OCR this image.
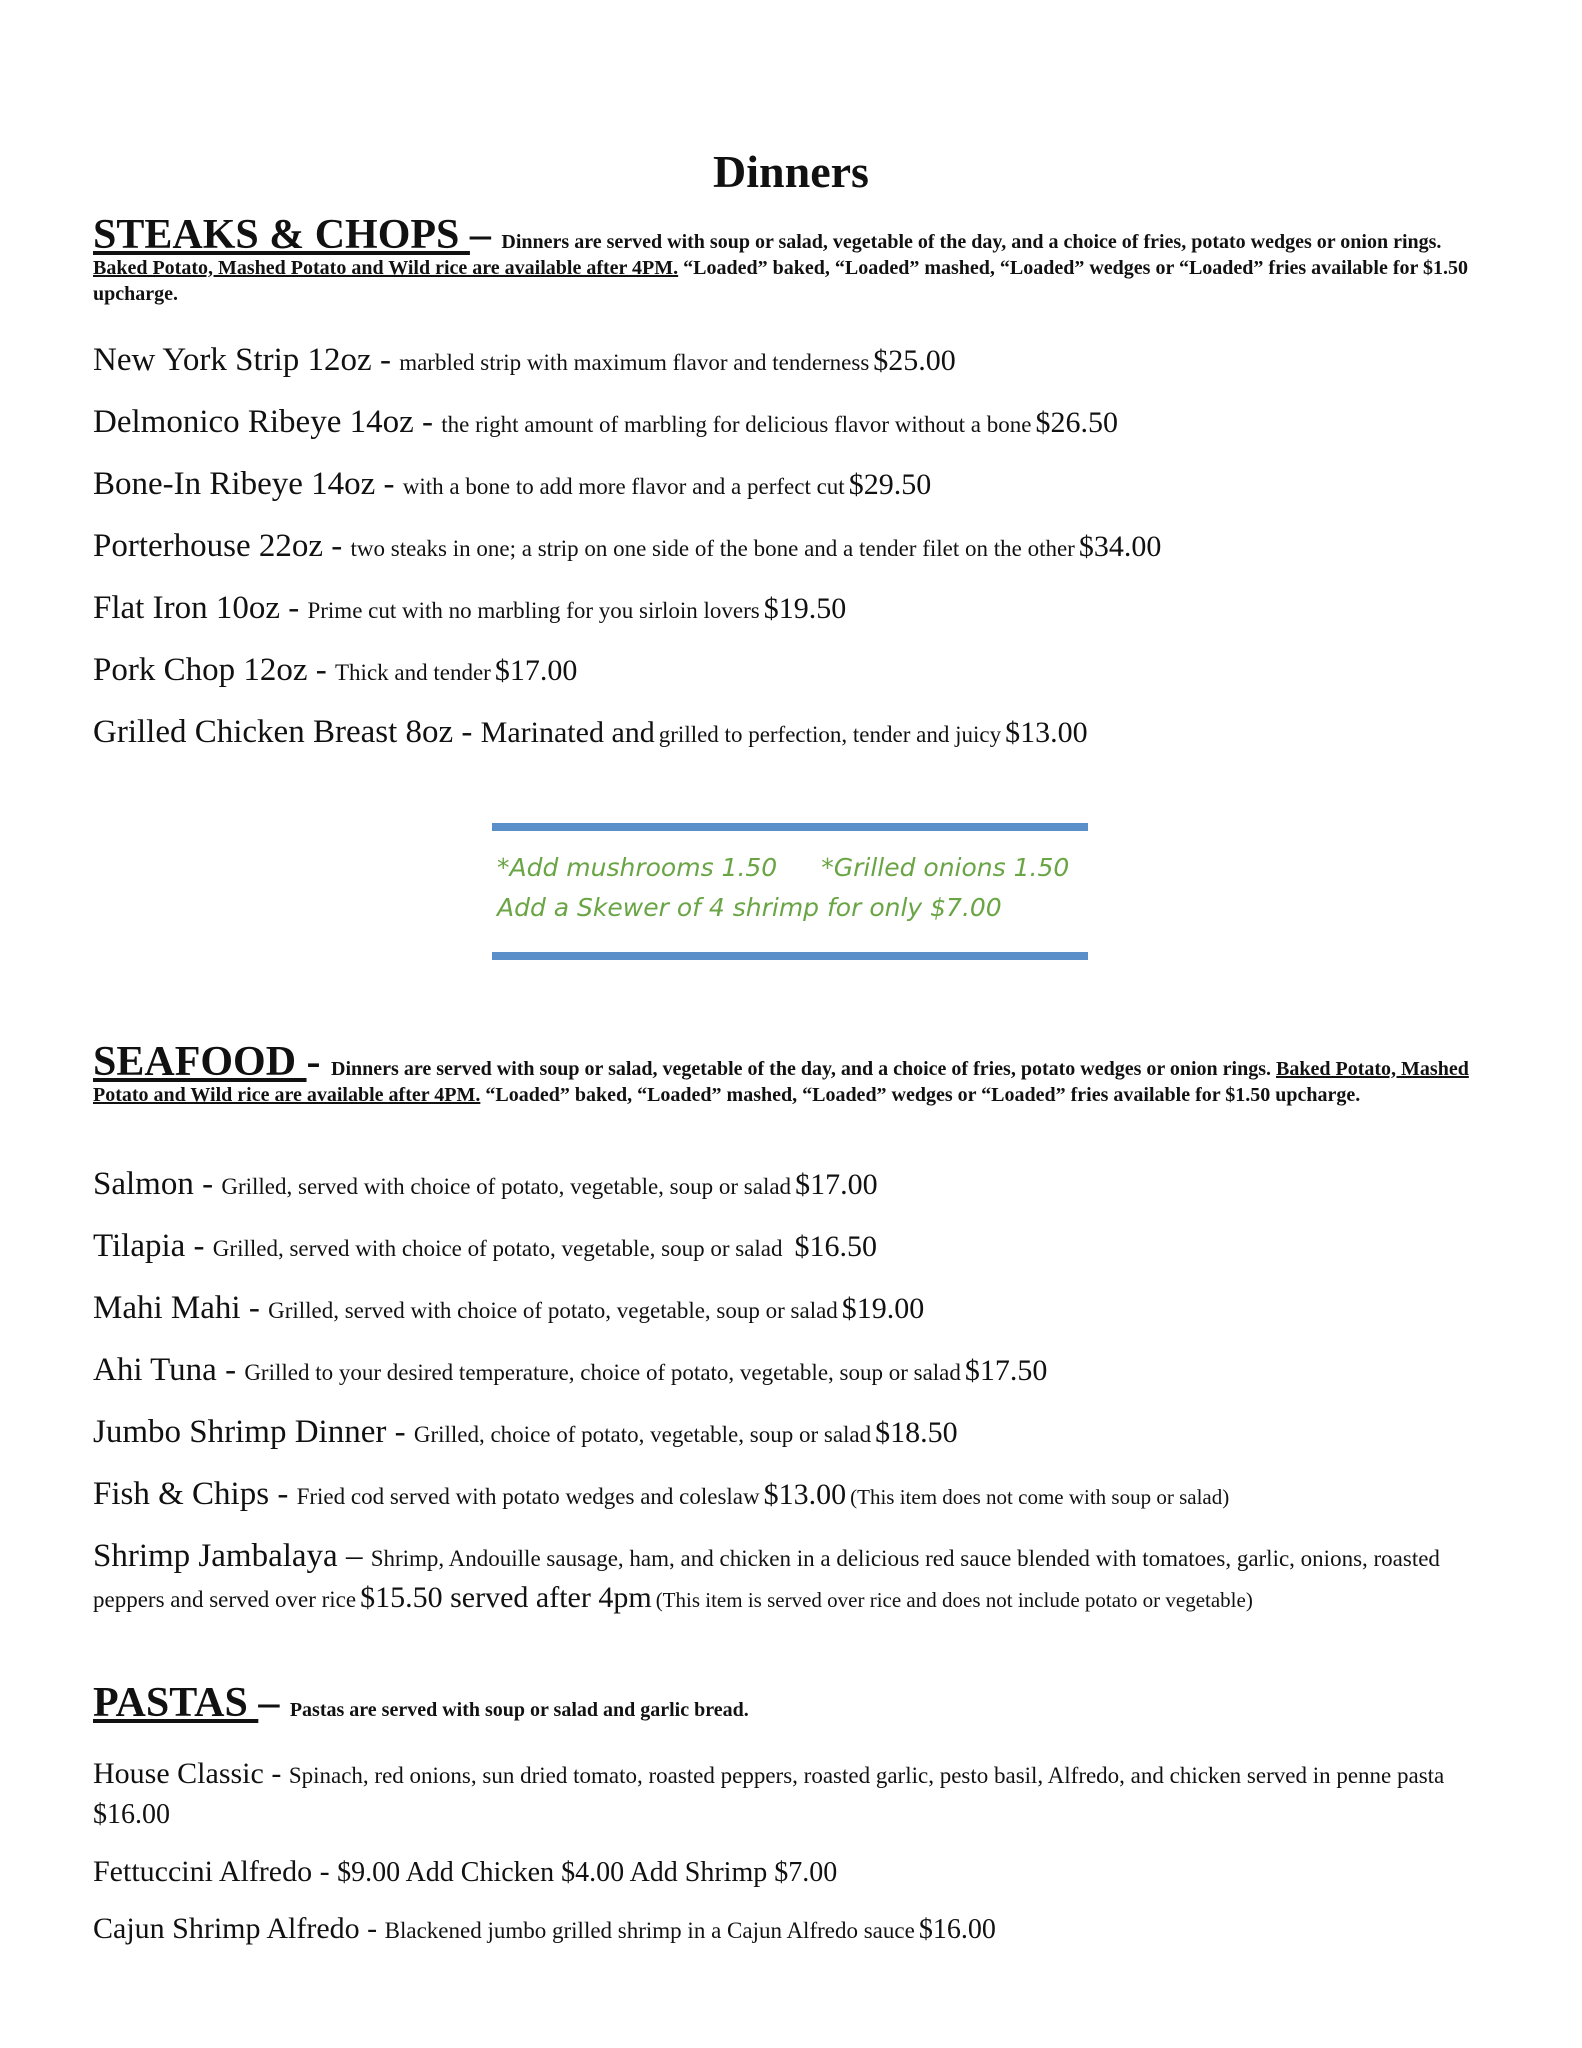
Dinners
STEAKS & CHOPS – Dinners are served with soup or salad, vegetable of the day, and a choice of fries, potato wedges or onion rings. Baked Potato, Mashed Potato and Wild rice are available after 4PM. “Loaded” baked, “Loaded” mashed, “Loaded” wedges or “Loaded” fries available for $1.50 upcharge.
New York Strip 12oz - marbled strip with maximum flavor and tenderness $25.00
Delmonico Ribeye 14oz - the right amount of marbling for delicious flavor without a bone $26.50
Bone-In Ribeye 14oz - with a bone to add more flavor and a perfect cut $29.50
Porterhouse 22oz - two steaks in one; a strip on one side of the bone and a tender filet on the other $34.00
Flat Iron 10oz - Prime cut with no marbling for you sirloin lovers $19.50
Pork Chop 12oz - Thick and tender $17.00
Grilled Chicken Breast 8oz - Marinated and grilled to perfection, tender and juicy $13.00
*Add mushrooms 1.50 *Grilled onions 1.50
Add a Skewer of 4 shrimp for only $7.00
SEAFOOD - Dinners are served with soup or salad, vegetable of the day, and a choice of fries, potato wedges or onion rings. Baked Potato, Mashed Potato and Wild rice are available after 4PM. “Loaded” baked, “Loaded” mashed, “Loaded” wedges or “Loaded” fries available for $1.50 upcharge.
Salmon - Grilled, served with choice of potato, vegetable, soup or salad $17.00
Tilapia - Grilled, served with choice of potato, vegetable, soup or salad $16.50
Mahi Mahi - Grilled, served with choice of potato, vegetable, soup or salad $19.00
Ahi Tuna - Grilled to your desired temperature, choice of potato, vegetable, soup or salad $17.50
Jumbo Shrimp Dinner - Grilled, choice of potato, vegetable, soup or salad $18.50
Fish & Chips - Fried cod served with potato wedges and coleslaw $13.00 (This item does not come with soup or salad)
Shrimp Jambalaya – Shrimp, Andouille sausage, ham, and chicken in a delicious red sauce blended with tomatoes, garlic, onions, roasted peppers and served over rice $15.50 served after 4pm (This item is served over rice and does not include potato or vegetable)
PASTAS – Pastas are served with soup or salad and garlic bread.
House Classic - Spinach, red onions, sun dried tomato, roasted peppers, roasted garlic, pesto basil, Alfredo, and chicken served in penne pasta $16.00
Fettuccini Alfredo - $9.00 Add Chicken $4.00 Add Shrimp $7.00
Cajun Shrimp Alfredo - Blackened jumbo grilled shrimp in a Cajun Alfredo sauce $16.00
